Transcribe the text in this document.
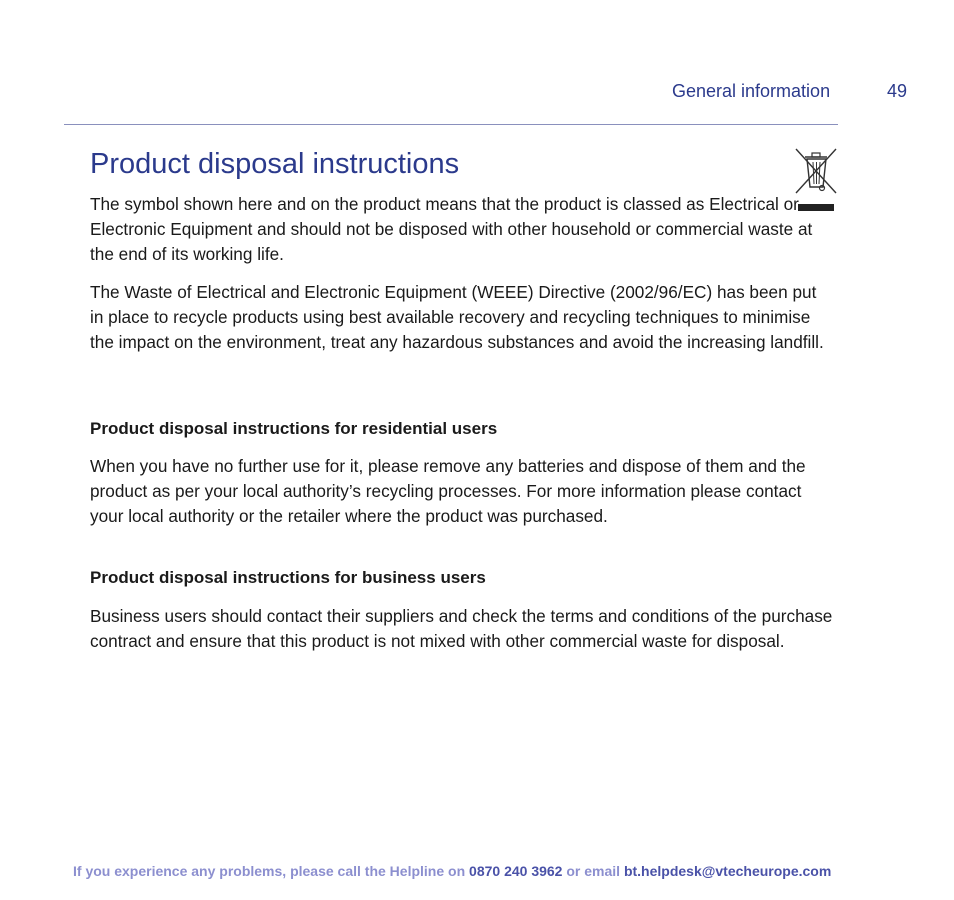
General information	49
Product disposal instructions

The symbol shown here and on the product means that the product is classed as Electrical or Electronic Equipment and should not be disposed with other household or commercial waste at the end of its working life.

The Waste of Electrical and Electronic Equipment (WEEE) Directive (2002/96/EC) has been put in place to recycle products using best available recovery and recycling techniques to minimise the impact on the environment, treat any hazardous substances and avoid the increasing landfill.

Product disposal instructions for residential users

When you have no further use for it, please remove any batteries and dispose of them and the product as per your local authority’s recycling processes. For more information please contact your local authority or the retailer where the product was purchased.

Product disposal instructions for business users

Business users should contact their suppliers and check the terms and conditions of the purchase contract and ensure that this product is not mixed with other commercial waste for disposal.

If you experience any problems, please call the Helpline on 0870 240 3962 or email bt.helpdesk@vtecheurope.com
